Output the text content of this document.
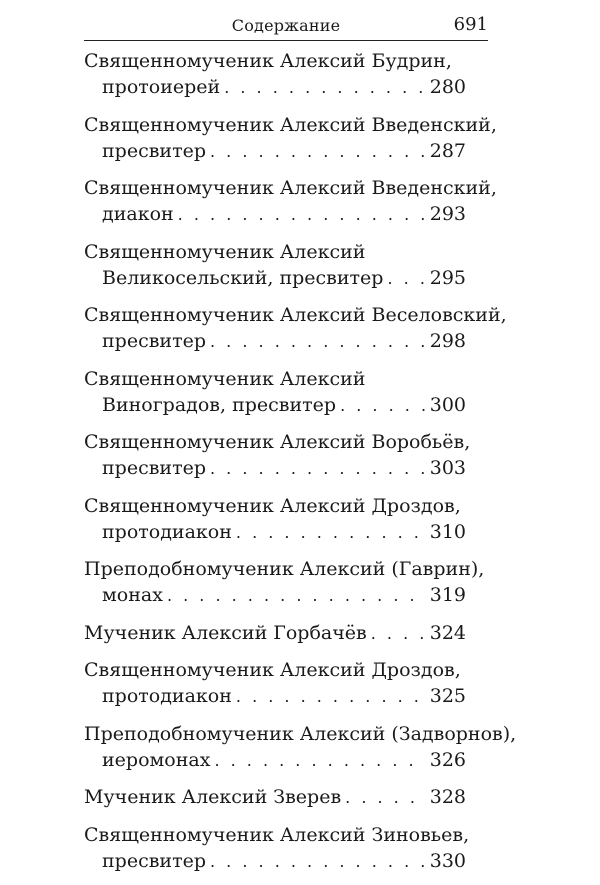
Содержание	691
Священномученик Алексий Будрин,
протоиерей . . .	280
Священномученик Алексий Введенский,
пресвитер . . .	287
Священномученик Алексий Введенский,
диакон . . .	293
Священномученик Алексий
Великосельский, пресвитер . . . 295
Священномученик Алексий Веселовский,
пресвитер . . .	298
Священномученик Алексий
Виноградов, пресвитер . . .	300
Священномученик Алексий Воробьёв,
пресвитер . . .	303
Священномученик Алексий Дроздов,
протодиакон . . .	310
Преподобномученик Алексий (Гаврин),
монах . . .	319
Мученик Алексий Горбачёв . . .	324
Священномученик Алексий Дроздов,
протодиакон . . .	325
Преподобномученик Алексий (Задворнов),
иеромонах . . .	326
Мученик Алексий Зверев . . .	328
Священномученик Алексий Зиновьев,
пресвитер . . .	330
